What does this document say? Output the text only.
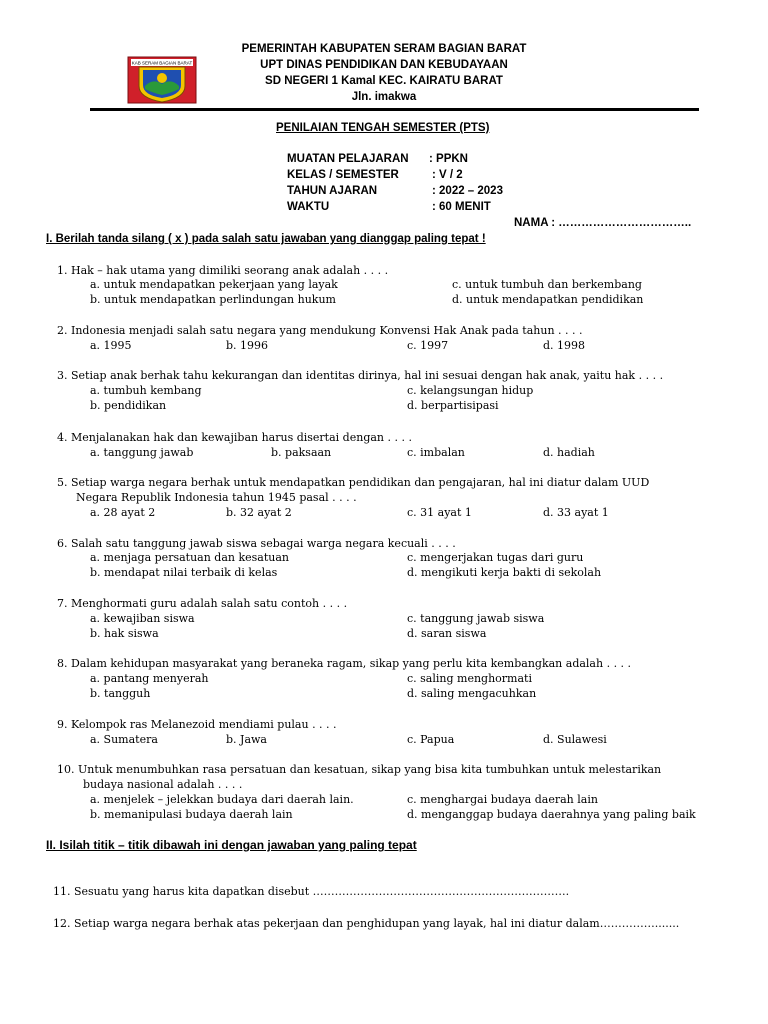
KAB SERAM BAGIAN BARAT
PEMERINTAH KABUPATEN SERAM BAGIAN BARAT
UPT DINAS PENDIDIKAN DAN KEBUDAYAAN
SD NEGERI 1 Kamal KEC. KAIRATU BARAT
Jln. imakwa
PENILAIAN TENGAH SEMESTER (PTS)
MUATAN PELAJARAN : PPKN
KELAS / SEMESTER	: V / 2
TAHUN AJARAN	: 2022 – 2023
WAKTU	: 60 MENIT
NAMA : ……………………………..
I. Berilah tanda silang ( x ) pada salah satu jawaban yang dianggap paling tepat !
1. Hak – hak utama yang dimiliki seorang anak adalah . . . .
a. untuk mendapatkan pekerjaan yang layak
b. untuk mendapatkan perlindungan hukum
c. untuk tumbuh dan berkembang
d. untuk mendapatkan pendidikan
2. Indonesia menjadi salah satu negara yang mendukung Konvensi Hak Anak pada tahun . . . .
a. 1995	b. 1996	c. 1997	d. 1998
3. Setiap anak berhak tahu kekurangan dan identitas dirinya, hal ini sesuai dengan hak anak, yaitu hak . . . .
a. tumbuh kembang
b. pendidikan
c. kelangsungan hidup
d. berpartisipasi
4. Menjalanakan hak dan kewajiban harus disertai dengan . . . .
a. tanggung jawab	b. paksaan	c. imbalan	d. hadiah
5. Setiap warga negara berhak untuk mendapatkan pendidikan dan pengajaran, hal ini diatur dalam UUD
Negara Republik Indonesia tahun 1945 pasal . . . .
a. 28 ayat 2	b. 32 ayat 2	c. 31 ayat 1	d. 33 ayat 1
6. Salah satu tanggung jawab siswa sebagai warga negara kecuali . . . .
a. menjaga persatuan dan kesatuan
b. mendapat nilai terbaik di kelas
c. mengerjakan tugas dari guru
d. mengikuti kerja bakti di sekolah
7. Menghormati guru adalah salah satu contoh . . . .
a. kewajiban siswa
b. hak siswa
c. tanggung jawab siswa
d. saran siswa
8. Dalam kehidupan masyarakat yang beraneka ragam, sikap yang perlu kita kembangkan adalah . . . .
a. pantang menyerah
b. tangguh
c. saling menghormati
d. saling mengacuhkan
9. Kelompok ras Melanezoid mendiami pulau . . . .
a. Sumatera	b. Jawa	c. Papua	d. Sulawesi
10. Untuk menumbuhkan rasa persatuan dan kesatuan, sikap yang bisa kita tumbuhkan untuk melestarikan
budaya nasional adalah . . . .
a. menjelek – jelekkan budaya dari daerah lain.
b. memanipulasi budaya daerah lain
c. menghargai budaya daerah lain
d. menganggap budaya daerahnya yang paling baik
II. Isilah titik – titik dibawah ini dengan jawaban yang paling tepat
11. Sesuatu yang harus kita dapatkan disebut …………………………………………………………….
12. Setiap warga negara berhak atas pekerjaan dan penghidupan yang layak, hal ini diatur dalam…………….......
